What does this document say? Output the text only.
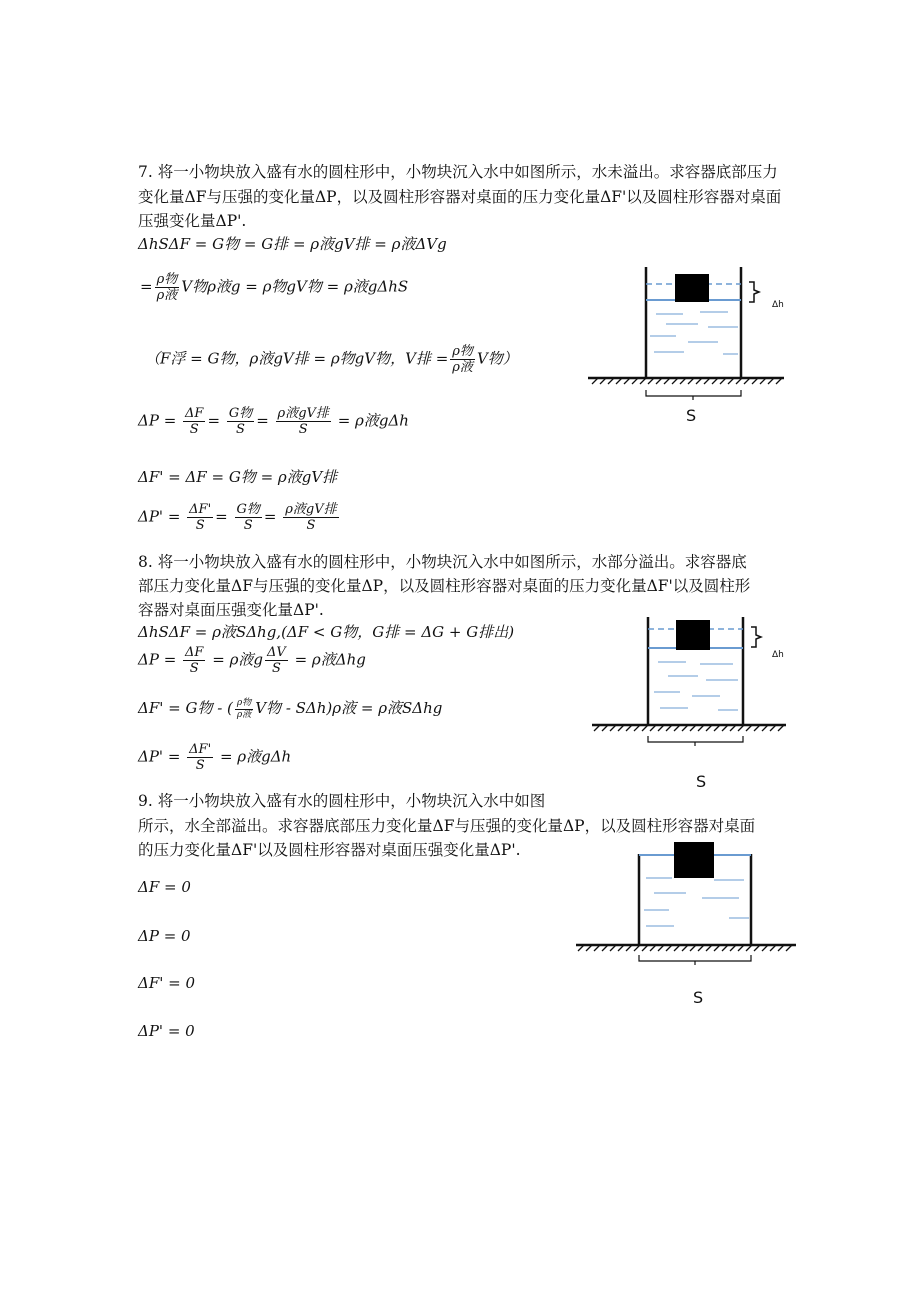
7. 将一小物块放入盛有水的圆柱形中，小物块沉入水中如图所示，水未溢出。求容器底部压力
变化量ΔF与压强的变化量ΔP，以及圆柱形容器对桌面的压力变化量ΔF'以及圆柱形容器对桌面
压强变化量ΔP'.
ΔhSΔF = G物 = G排 = ρ液gV排 = ρ液ΔVg
= $\frac{\text{ρ物}}{\text{ρ液}}$ V物ρ液g = ρ物gV物 = ρ液gΔhS
（F浮 = G物，ρ液gV排 = ρ物gV物，V排 = $\frac{\text{ρ物}}{\text{ρ液}}$ V物）
$\Delta P = \frac{\Delta F}{S} = \frac{\text{G物}}{S} = \frac{\text{ρ液gV排}}{S} = \rho$液gΔh
ΔF' = ΔF = G物 = ρ液gV排
$\Delta P' = \frac{\Delta F'}{S} = \frac{\text{G物}}{S} = \frac{\text{ρ液gV排}}{S}$
S
Δh
8. 将一小物块放入盛有水的圆柱形中，小物块沉入水中如图所示，水部分溢出。求容器底
部压力变化量ΔF与压强的变化量ΔP，以及圆柱形容器对桌面的压力变化量ΔF'以及圆柱形
容器对桌面压强变化量ΔP'.
ΔhSΔF = ρ液SΔhg,(ΔF < G物，G排 = ΔG + G排出)
$\Delta P = \frac{\Delta F}{S} = \rho$液g $\frac{\Delta V}{S} = \rho$液Δhg
ΔF' = G物 - ( $\frac{\text{ρ物}}{\text{ρ液}}$ V物 - SΔh)ρ液 = ρ液SΔhg
$\Delta P' = \frac{\Delta F'}{S} = \rho$液gΔh
S
Δh
9. 将一小物块放入盛有水的圆柱形中，小物块沉入水中如图
所示，水全部溢出。求容器底部压力变化量ΔF与压强的变化量ΔP，以及圆柱形容器对桌面
的压力变化量ΔF'以及圆柱形容器对桌面压强变化量ΔP'.
ΔF = 0
ΔP = 0
ΔF' = 0
ΔP' = 0
S
